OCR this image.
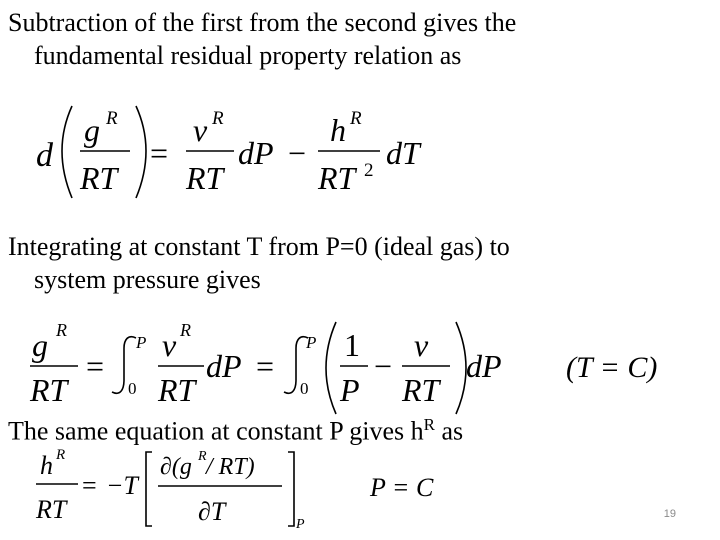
Subtraction of the first from the second gives the
fundamental residual property relation as
Integrating at constant T from P=0 (ideal gas) to
system pressure gives
The same equation at constant P gives $h^R$ as
d
g R
RT
=
v R
RT
dP −
h R
RT 2 dT
g R
RT
=
P
0
v R
RT
dP =
P
0
1
P
−
v
RT
dP (T = C)
h R
RT
= −T
∂(g R / RT)
∂T	P
P = C
19
